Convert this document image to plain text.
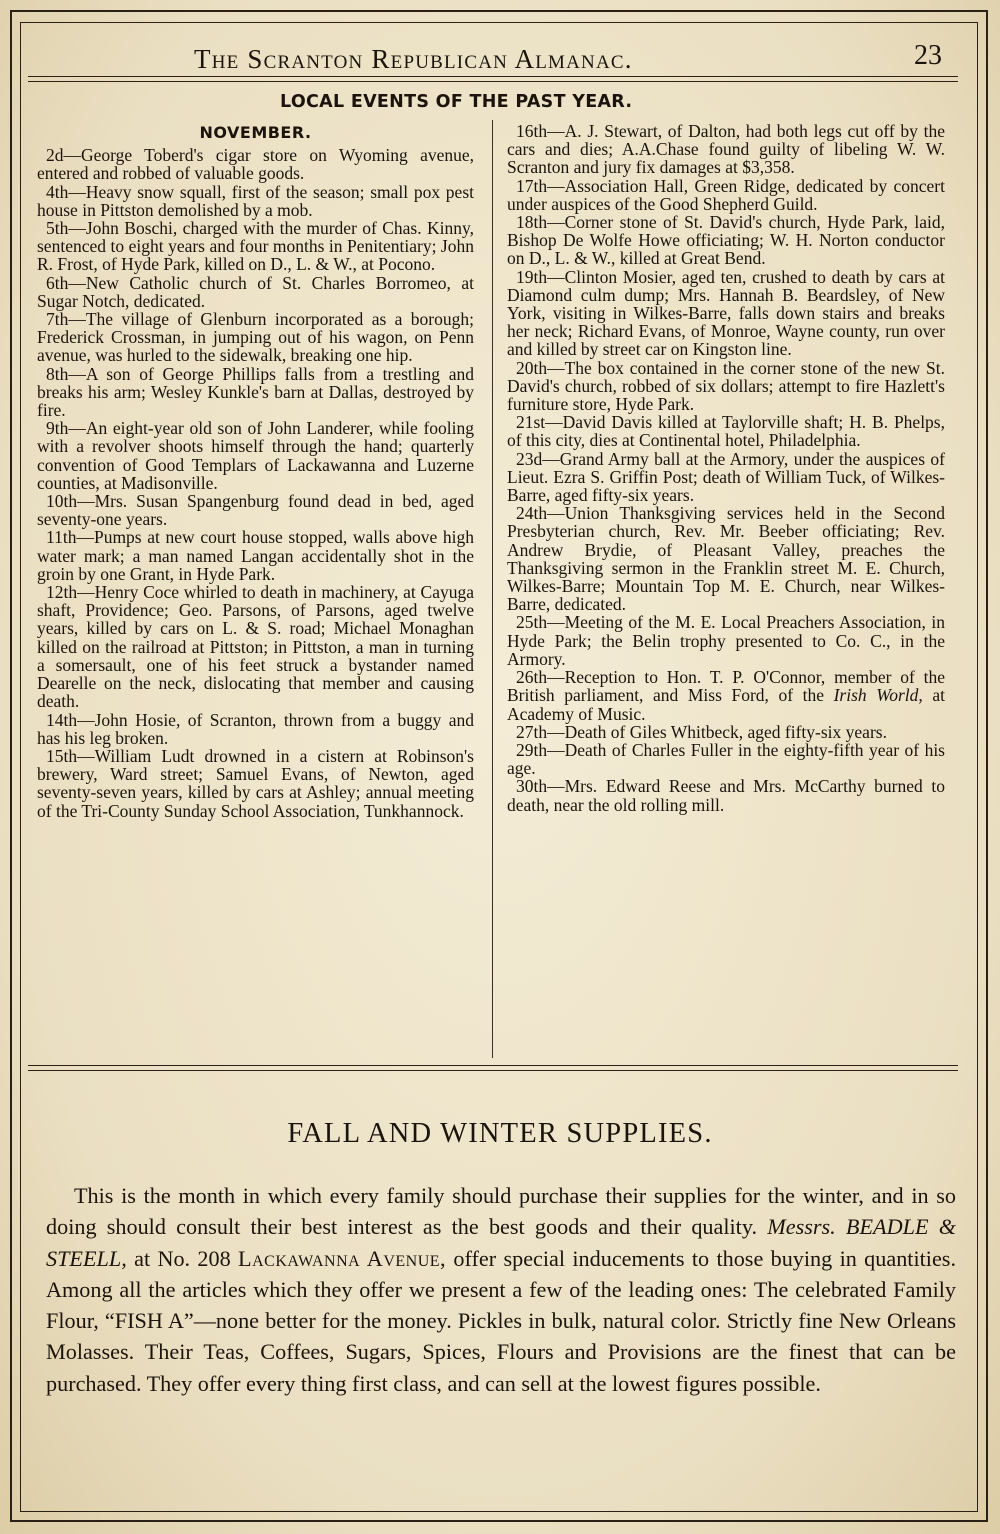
The Scranton Republican Almanac.	23
LOCAL EVENTS OF THE PAST YEAR.
NOVEMBER.

2d—George Toberd's cigar store on Wyoming avenue, entered and robbed of valuable goods.

4th—Heavy snow squall, first of the season; small pox pest house in Pittston demolished by a mob.

5th—John Boschi, charged with the murder of Chas. Kinny, sentenced to eight years and four months in Penitentiary; John R. Frost, of Hyde Park, killed on D., L. & W., at Pocono.

6th—New Catholic church of St. Charles Borromeo, at Sugar Notch, dedicated.

7th—The village of Glenburn incorporated as a borough; Frederick Crossman, in jumping out of his wagon, on Penn avenue, was hurled to the sidewalk, breaking one hip.

8th—A son of George Phillips falls from a trestling and breaks his arm; Wesley Kunkle's barn at Dallas, destroyed by fire.

9th—An eight-year old son of John Landerer, while fooling with a revolver shoots himself through the hand; quarterly convention of Good Templars of Lackawanna and Luzerne counties, at Madisonville.

10th—Mrs. Susan Spangenburg found dead in bed, aged seventy-one years.

11th—Pumps at new court house stopped, walls above high water mark; a man named Langan accidentally shot in the groin by one Grant, in Hyde Park.

12th—Henry Coce whirled to death in machinery, at Cayuga shaft, Providence; Geo. Parsons, of Parsons, aged twelve years, killed by cars on L. & S. road; Michael Monaghan killed on the railroad at Pittston; in Pittston, a man in turning a somersault, one of his feet struck a bystander named Dearelle on the neck, dislocating that member and causing death.

14th—John Hosie, of Scranton, thrown from a buggy and has his leg broken.

15th—William Ludt drowned in a cistern at Robinson's brewery, Ward street; Samuel Evans, of Newton, aged seventy-seven years, killed by cars at Ashley; annual meeting of the Tri-County Sunday School Association, Tunkhannock.

16th—A. J. Stewart, of Dalton, had both legs cut off by the cars and dies; A.A.Chase found guilty of libeling W. W. Scranton and jury fix damages at $3,358.

17th—Association Hall, Green Ridge, dedicated by concert under auspices of the Good Shepherd Guild.

18th—Corner stone of St. David's church, Hyde Park, laid, Bishop De Wolfe Howe officiating; W. H. Norton conductor on D., L. & W., killed at Great Bend.

19th—Clinton Mosier, aged ten, crushed to death by cars at Diamond culm dump; Mrs. Hannah B. Beardsley, of New York, visiting in Wilkes-Barre, falls down stairs and breaks her neck; Richard Evans, of Monroe, Wayne county, run over and killed by street car on Kingston line.

20th—The box contained in the corner stone of the new St. David's church, robbed of six dollars; attempt to fire Hazlett's furniture store, Hyde Park.

21st—David Davis killed at Taylorville shaft; H. B. Phelps, of this city, dies at Continental hotel, Philadelphia.

23d—Grand Army ball at the Armory, under the auspices of Lieut. Ezra S. Griffin Post; death of William Tuck, of Wilkes-Barre, aged fifty-six years.

24th—Union Thanksgiving services held in the Second Presbyterian church, Rev. Mr. Beeber officiating; Rev. Andrew Brydie, of Pleasant Valley, preaches the Thanksgiving sermon in the Franklin street M. E. Church, Wilkes-Barre; Mountain Top M. E. Church, near Wilkes-Barre, dedicated.

25th—Meeting of the M. E. Local Preachers Association, in Hyde Park; the Belin trophy presented to Co. C., in the Armory.

26th—Reception to Hon. T. P. O'Connor, member of the British parliament, and Miss Ford, of the Irish World, at Academy of Music.

27th—Death of Giles Whitbeck, aged fifty-six years.

29th—Death of Charles Fuller in the eighty-fifth year of his age.

30th—Mrs. Edward Reese and Mrs. McCarthy burned to death, near the old rolling mill.

FALL AND WINTER SUPPLIES.
This is the month in which every family should purchase their supplies for the winter, and in so doing should consult their best interest as the best goods and their quality. Messrs. BEADLE & STEELL, at No. 208 Lackawanna Avenue, offer special inducements to those buying in quantities. Among all the articles which they offer we present a few of the leading ones: The celebrated Family Flour, “FISH A”—none better for the money. Pickles in bulk, natural color. Strictly fine New Orleans Molasses. Their Teas, Coffees, Sugars, Spices, Flours and Provisions are the finest that can be purchased. They offer every thing first class, and can sell at the lowest figures possible.
